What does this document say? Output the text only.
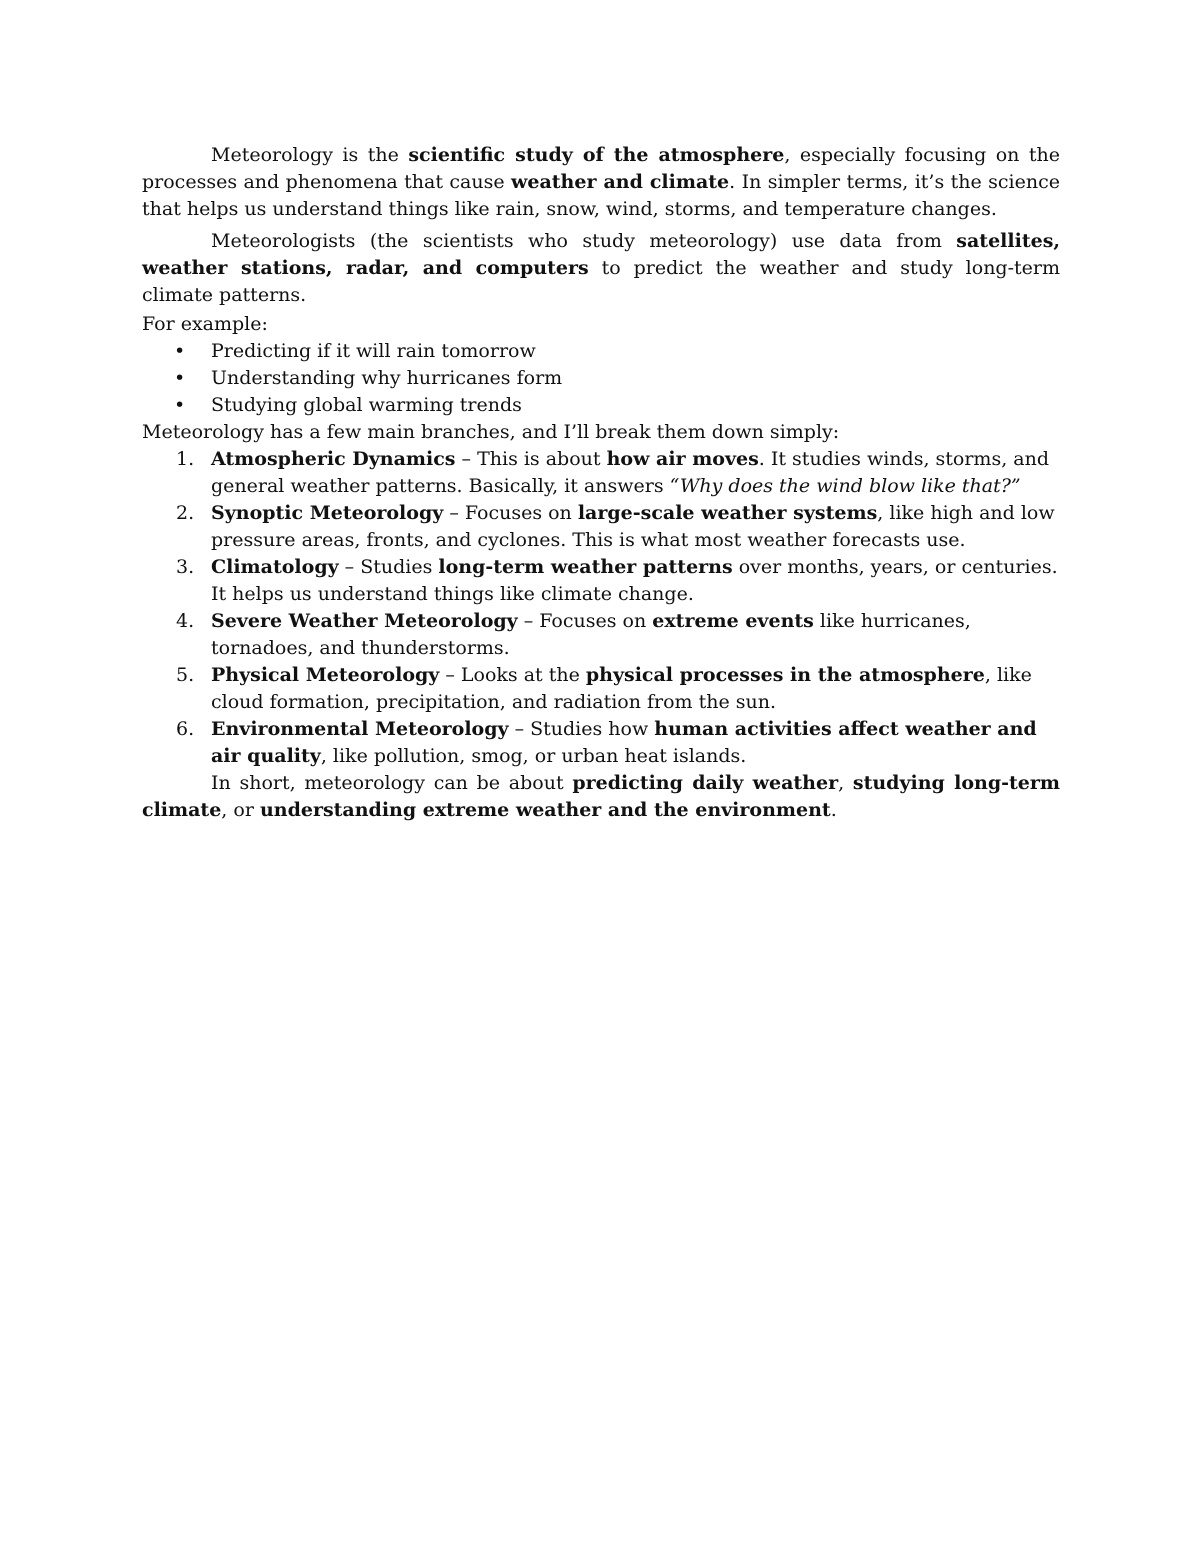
Meteorology is the scientific study of the atmosphere, especially focusing on the processes and phenomena that cause weather and climate. In simpler terms, it’s the science that helps us understand things like rain, snow, wind, storms, and temperature changes.

Meteorologists (the scientists who study meteorology) use data from satellites, weather stations, radar, and computers to predict the weather and study long-term climate patterns.

For example:

• Predicting if it will rain tomorrow
• Understanding why hurricanes form
• Studying global warming trends

Meteorology has a few main branches, and I’ll break them down simply:

1. Atmospheric Dynamics – This is about how air moves. It studies winds, storms, and general weather patterns. Basically, it answers “Why does the wind blow like that?”
2. Synoptic Meteorology – Focuses on large-scale weather systems, like high and low pressure areas, fronts, and cyclones. This is what most weather forecasts use.
3. Climatology – Studies long-term weather patterns over months, years, or centuries. It helps us understand things like climate change.
4. Severe Weather Meteorology – Focuses on extreme events like hurricanes, tornadoes, and thunderstorms.
5. Physical Meteorology – Looks at the physical processes in the atmosphere, like cloud formation, precipitation, and radiation from the sun.
6. Environmental Meteorology – Studies how human activities affect weather and air quality, like pollution, smog, or urban heat islands.

In short, meteorology can be about predicting daily weather, studying long-term climate, or understanding extreme weather and the environment.
